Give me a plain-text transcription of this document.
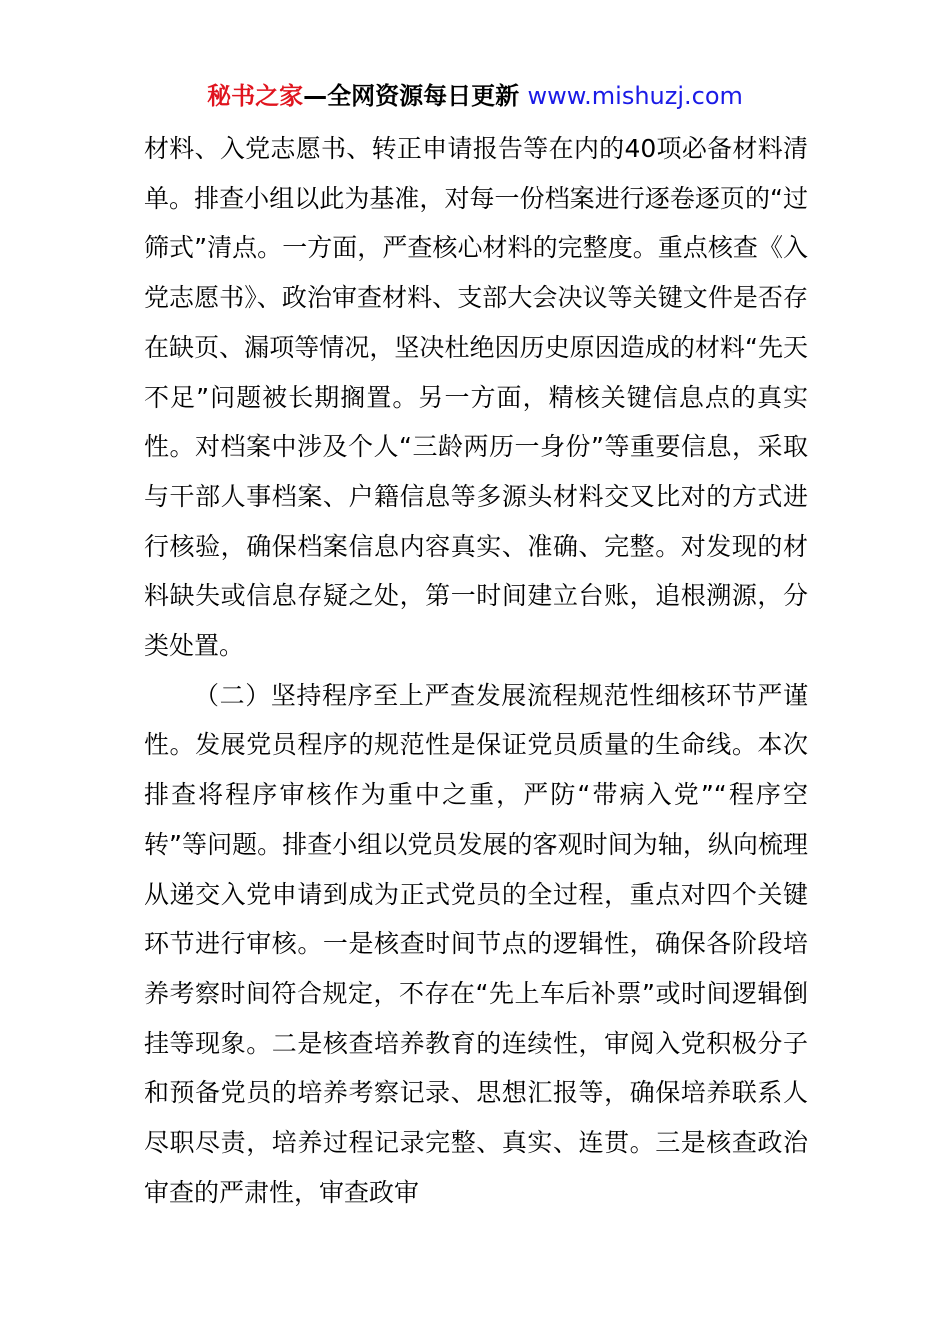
秘书之家—全网资源每日更新 www.mishuzj.com

材料、入党志愿书、转正申请报告等在内的40项必备材料清单。排查小组以此为基准，对每一份档案进行逐卷逐页的“过筛式”清点。一方面，严查核心材料的完整度。重点核查《入党志愿书》、政治审查材料、支部大会决议等关键文件是否存在缺页、漏项等情况，坚决杜绝因历史原因造成的材料“先天不足”问题被长期搁置。另一方面，精核关键信息点的真实性。对档案中涉及个人“三龄两历一身份”等重要信息，采取与干部人事档案、户籍信息等多源头材料交叉比对的方式进行核验，确保档案信息内容真实、准确、完整。对发现的材料缺失或信息存疑之处，第一时间建立台账，追根溯源，分类处置。

（二）坚持程序至上严查发展流程规范性细核环节严谨性。发展党员程序的规范性是保证党员质量的生命线。本次排查将程序审核作为重中之重，严防“带病入党”“程序空转”等问题。排查小组以党员发展的客观时间为轴，纵向梳理从递交入党申请到成为正式党员的全过程，重点对四个关键环节进行审核。一是核查时间节点的逻辑性，确保各阶段培养考察时间符合规定，不存在“先上车后补票”或时间逻辑倒挂等现象。二是核查培养教育的连续性，审阅入党积极分子和预备党员的培养考察记录、思想汇报等，确保培养联系人尽职尽责，培养过程记录完整、真实、连贯。三是核查政治审查的严肃性，审查政审
